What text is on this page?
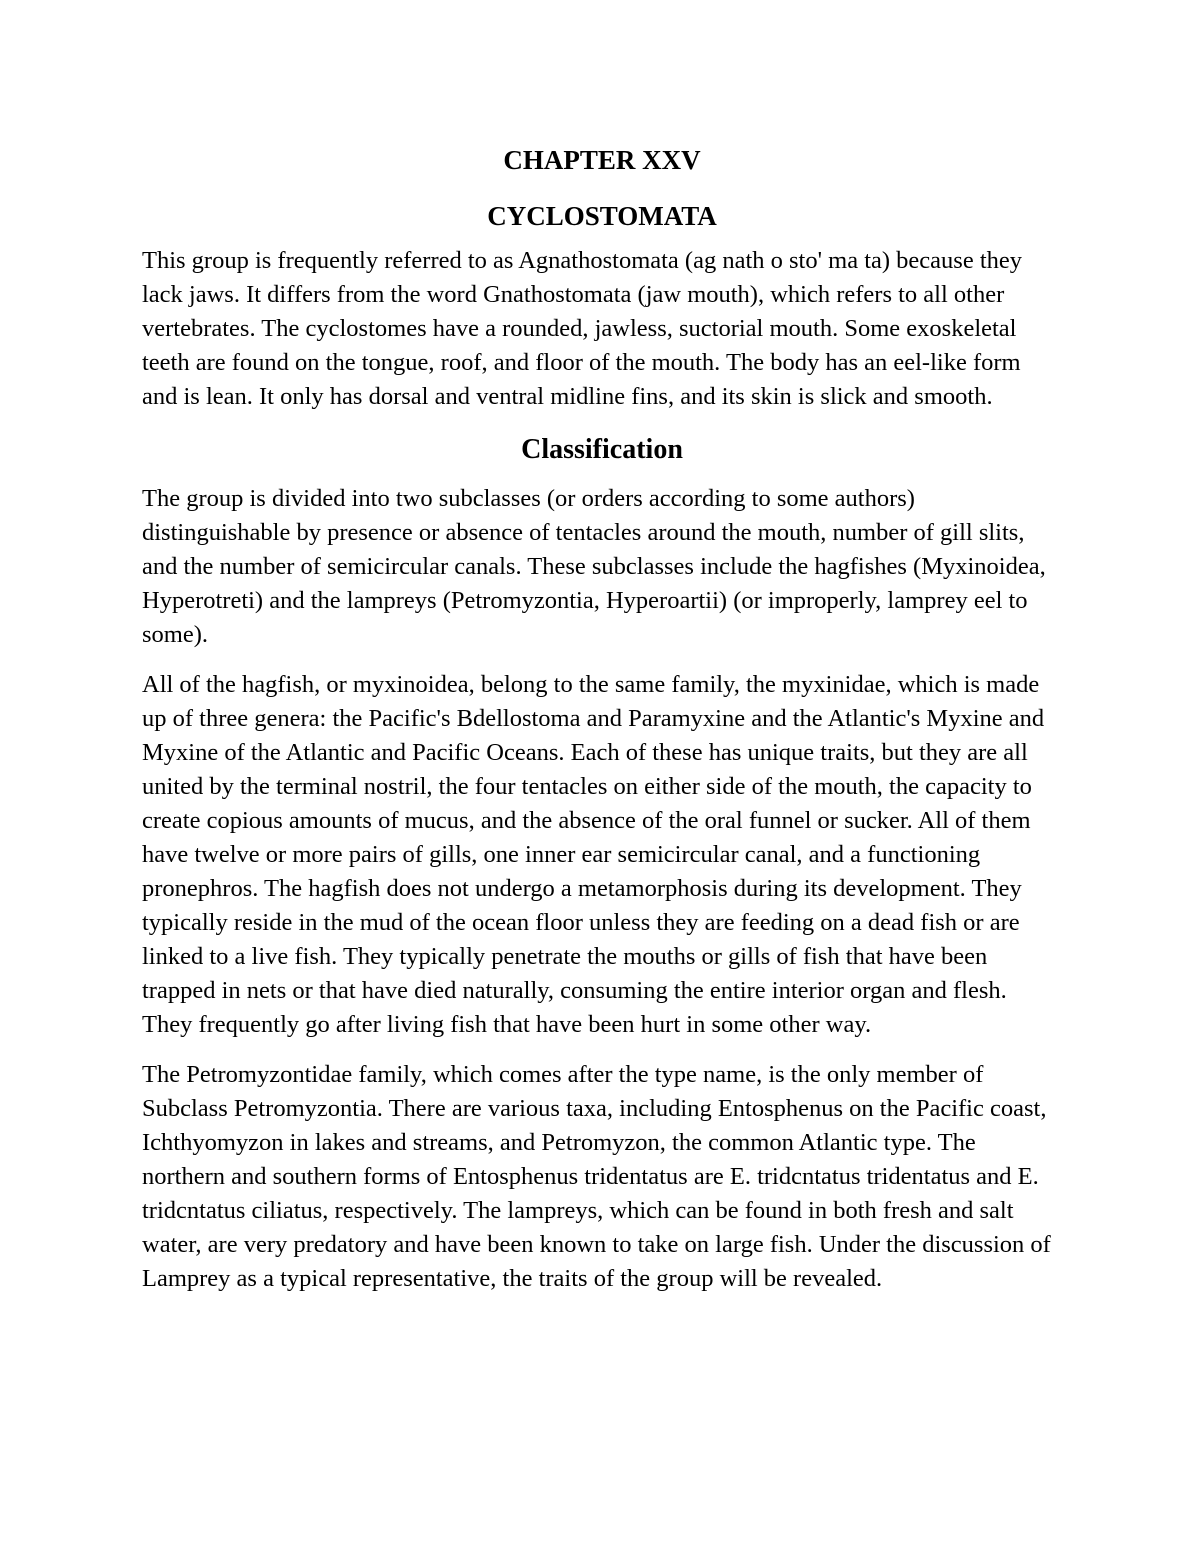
CHAPTER XXV
CYCLOSTOMATA

This group is frequently referred to as Agnathostomata (ag nath o sto' ma ta) because they lack jaws. It differs from the word Gnathostomata (jaw mouth), which refers to all other vertebrates. The cyclostomes have a rounded, jawless, suctorial mouth. Some exoskeletal teeth are found on the tongue, roof, and floor of the mouth. The body has an eel-like form and is lean. It only has dorsal and ventral midline fins, and its skin is slick and smooth.

Classification

The group is divided into two subclasses (or orders according to some authors) distinguishable by presence or absence of tentacles around the mouth, number of gill slits, and the number of semicircular canals. These subclasses include the hagfishes (Myxinoidea, Hyperotreti) and the lampreys (Petromyzontia, Hyperoartii) (or improperly, lamprey eel to some).

All of the hagfish, or myxinoidea, belong to the same family, the myxinidae, which is made up of three genera: the Pacific's Bdellostoma and Paramyxine and the Atlantic's Myxine and Myxine of the Atlantic and Pacific Oceans. Each of these has unique traits, but they are all united by the terminal nostril, the four tentacles on either side of the mouth, the capacity to create copious amounts of mucus, and the absence of the oral funnel or sucker. All of them have twelve or more pairs of gills, one inner ear semicircular canal, and a functioning pronephros. The hagfish does not undergo a metamorphosis during its development. They typically reside in the mud of the ocean floor unless they are feeding on a dead fish or are linked to a live fish. They typically penetrate the mouths or gills of fish that have been trapped in nets or that have died naturally, consuming the entire interior organ and flesh. They frequently go after living fish that have been hurt in some other way.

The Petromyzontidae family, which comes after the type name, is the only member of Subclass Petromyzontia. There are various taxa, including Entosphenus on the Pacific coast, Ichthyomyzon in lakes and streams, and Petromyzon, the common Atlantic type. The northern and southern forms of Entosphenus tridentatus are E. tridcntatus tridentatus and E. tridcntatus ciliatus, respectively. The lampreys, which can be found in both fresh and salt water, are very predatory and have been known to take on large fish. Under the discussion of Lamprey as a typical representative, the traits of the group will be revealed.
